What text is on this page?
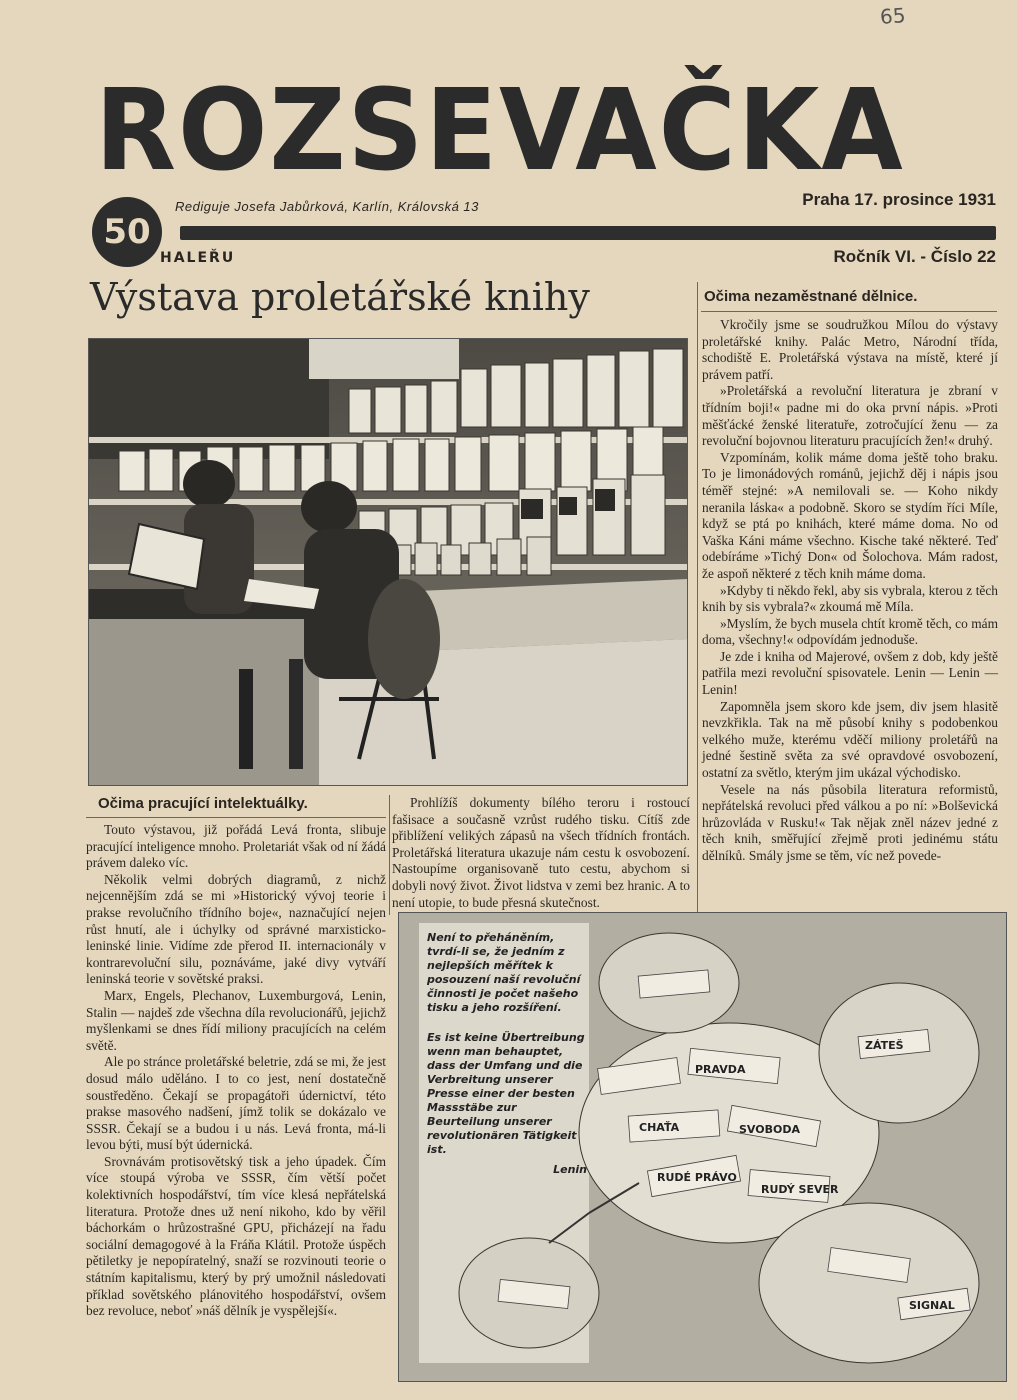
65
ROZSEVAČKA
50
HALEŘU
Rediguje Josefa Jabůrková, Karlín, Královská 13	Praha 17. prosince 1931
Ročník VI. - Číslo 22
Výstava proletářské knihy	Očima nezaměstnané dělnice.

Vkročily jsme se soudružkou Mílou do výstavy proletářské knihy. Palác Metro, Národní třída, schodiště E. Proletářská výstava na místě, které jí právem patří.

»Proletářská a revoluční literatura je zbraní v třídním boji!« padne mi do oka první nápis. »Proti měšťácké ženské literatuře, zotročující ženu — za revoluční bojovnou literaturu pracujících žen!« druhý.

Vzpomínám, kolik máme doma ještě toho braku. To je limonádových románů, jejichž děj i nápis jsou téměř stejné: »A nemilovali se. — Koho nikdy neranila láska« a podobně. Skoro se stydím říci Míle, když se ptá po knihách, které máme doma. No od Vaška Káni máme všechno. Kische také některé. Teď odebíráme »Tichý Don« od Šolochova. Mám radost, že aspoň některé z těch knih máme doma.

»Kdyby ti někdo řekl, aby sis vybrala, kterou z těch knih by sis vybrala?« zkoumá mě Míla.

»Myslím, že bych musela chtít kromě těch, co mám doma, všechny!« odpovídám jednoduše.

Je zde i kniha od Majerové, ovšem z dob, kdy ještě patřila mezi revoluční spisovatele. Lenin — Lenin — Lenin!

Zapomněla jsem skoro kde jsem, div jsem hlasitě nevzkřikla. Tak na mě působí knihy s podobenkou velkého muže, kterému vděčí miliony proletářů na jedné šestině světa za své opravdové osvobození, ostatní za světlo, kterým jim ukázal východisko.

Vesele na nás působila literatura reformistů, nepřátelská revoluci před válkou a po ní: »Bolševická hrůzovláda v Rusku!« Tak nějak zněl název jedné z těch knih, směřující zřejmě proti jedinému státu dělníků. Smály jsme se těm, víc než povede-

Očima pracující intelektuálky.

Touto výstavou, již pořádá Levá fronta, slibuje pracující inteligence mnoho. Proletariát však od ní žádá právem daleko víc.

Několik velmi dobrých diagramů, z nichž nejcennějším zdá se mi »Historický vývoj teorie i prakse revolučního třídního boje«, naznačující nejen růst hnutí, ale i úchylky od správné marxisticko-leninské linie. Vidíme zde přerod II. internacionály v kontrarevoluční silu, poznáváme, jaké divy vytváří leninská teorie v sovětské praksi.

Marx, Engels, Plechanov, Luxemburgová, Lenin, Stalin — najdeš zde všechna díla revolucionářů, jejichž myšlenkami se dnes řídí miliony pracujících na celém světě.

Ale po stránce proletářské beletrie, zdá se mi, že jest dosud málo uděláno. I to co jest, není dostatečně soustředěno. Čekají se propagátoři údernictví, této prakse masového nadšení, jímž tolik se dokázalo ve SSSR. Čekají se a budou i u nás. Levá fronta, má-li levou býti, musí být údernická.

Srovnávám protisovětský tisk a jeho úpadek. Čím více stoupá výroba ve SSSR, čím větší počet kolektivních hospodářství, tím více klesá nepřátelská literatura. Protože dnes už není nikoho, kdo by věřil báchorkám o hrůzostrašné GPU, přicházejí na řadu sociální demagogové à la Fráňa Klátil. Protože úspěch pětiletky je nepopíratelný, snaží se rozvinouti teorie o státním kapitalismu, který by prý umožnil následovati příklad sovětského plánovitého hospodářství, ovšem bez revoluce, neboť »náš dělník je vyspělejší«.

Prohlížíš dokumenty bílého teroru i rostoucí fašisace a současně vzrůst rudého tisku. Cítíš zde přiblížení velikých zápasů na všech třídních frontách. Proletářská literatura ukazuje nám cestu k osvobození. Nastoupíme organisovaně tuto cestu, abychom si dobyli nový život. Život lidstva v zemi bez hranic. A to není utopie, to bude přesná skutečnost.

Není to přeháněním, tvrdí-li se, že jedním z nejlepších měřítek k posouzení naší revoluční činnosti je počet našeho tisku a jeho rozšíření.
Es ist keine Übertreibung wenn man behauptet, dass der Umfang und die Verbreitung unserer Presse einer der besten Massstäbe zur Beurteilung unserer revolutionären Tätigkeit ist.
Lenin
PRAVDA
CHAŤA	SVOBODA
RUDÝ SEVER
RUDÉ PRÁVO
SIGNAL
ZÁTEŠ
